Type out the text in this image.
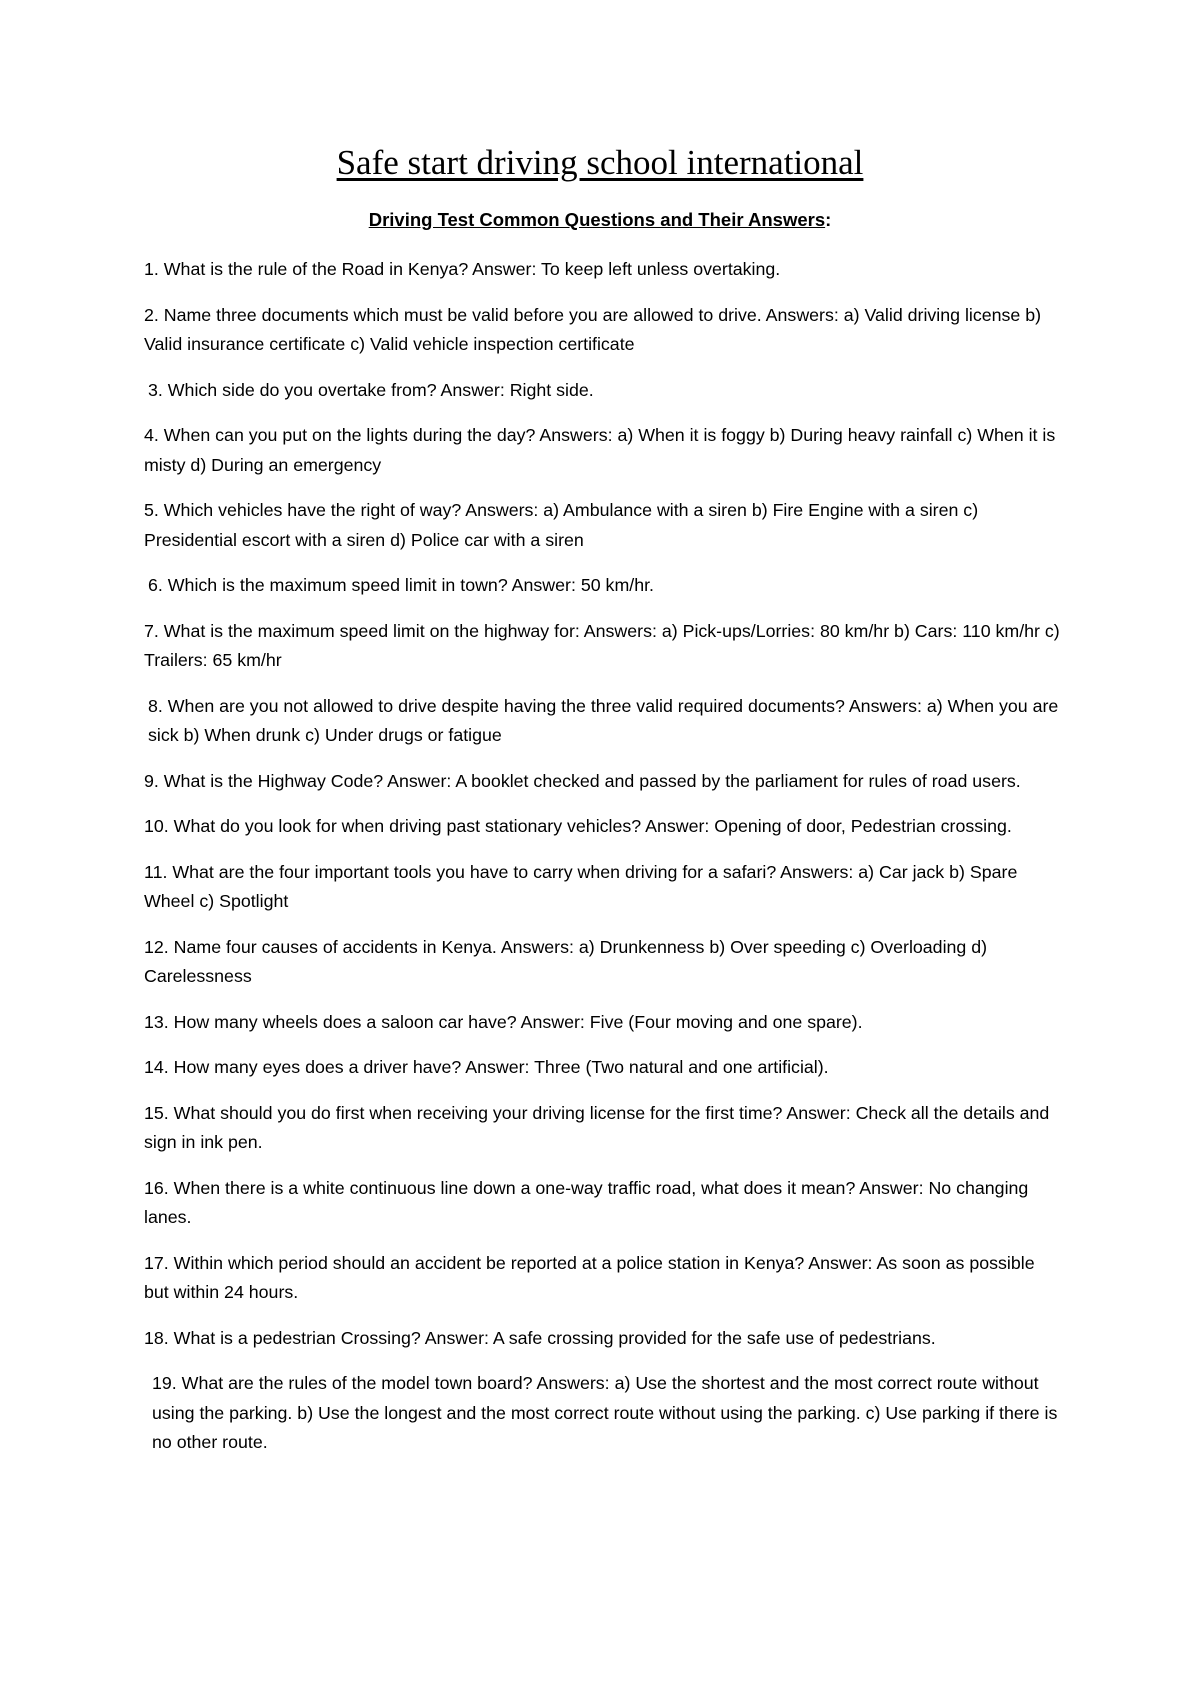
Safe start driving school international

Driving Test Common Questions and Their Answers:

1. What is the rule of the Road in Kenya? Answer: To keep left unless overtaking.

2. Name three documents which must be valid before you are allowed to drive. Answers: a) Valid driving license b) Valid insurance certificate c) Valid vehicle inspection certificate

3. Which side do you overtake from? Answer: Right side.

4. When can you put on the lights during the day? Answers: a) When it is foggy b) During heavy rainfall c) When it is misty d) During an emergency

5. Which vehicles have the right of way? Answers: a) Ambulance with a siren b) Fire Engine with a siren c) Presidential escort with a siren d) Police car with a siren

6. Which is the maximum speed limit in town? Answer: 50 km/hr.

7. What is the maximum speed limit on the highway for: Answers: a) Pick-ups/Lorries: 80 km/hr b) Cars: 110 km/hr c) Trailers: 65 km/hr

8. When are you not allowed to drive despite having the three valid required documents? Answers: a) When you are sick b) When drunk c) Under drugs or fatigue

9. What is the Highway Code? Answer: A booklet checked and passed by the parliament for rules of road users.

10. What do you look for when driving past stationary vehicles? Answer: Opening of door, Pedestrian crossing.

11. What are the four important tools you have to carry when driving for a safari? Answers: a) Car jack b) Spare Wheel c) Spotlight

12. Name four causes of accidents in Kenya. Answers: a) Drunkenness b) Over speeding c) Overloading d) Carelessness

13. How many wheels does a saloon car have? Answer: Five (Four moving and one spare).

14. How many eyes does a driver have? Answer: Three (Two natural and one artificial).

15. What should you do first when receiving your driving license for the first time? Answer: Check all the details and sign in ink pen.

16. When there is a white continuous line down a one-way traffic road, what does it mean? Answer: No changing lanes.

17. Within which period should an accident be reported at a police station in Kenya? Answer: As soon as possible but within 24 hours.

18. What is a pedestrian Crossing? Answer: A safe crossing provided for the safe use of pedestrians.

19. What are the rules of the model town board? Answers: a) Use the shortest and the most correct route without using the parking. b) Use the longest and the most correct route without using the parking. c) Use parking if there is no other route.
